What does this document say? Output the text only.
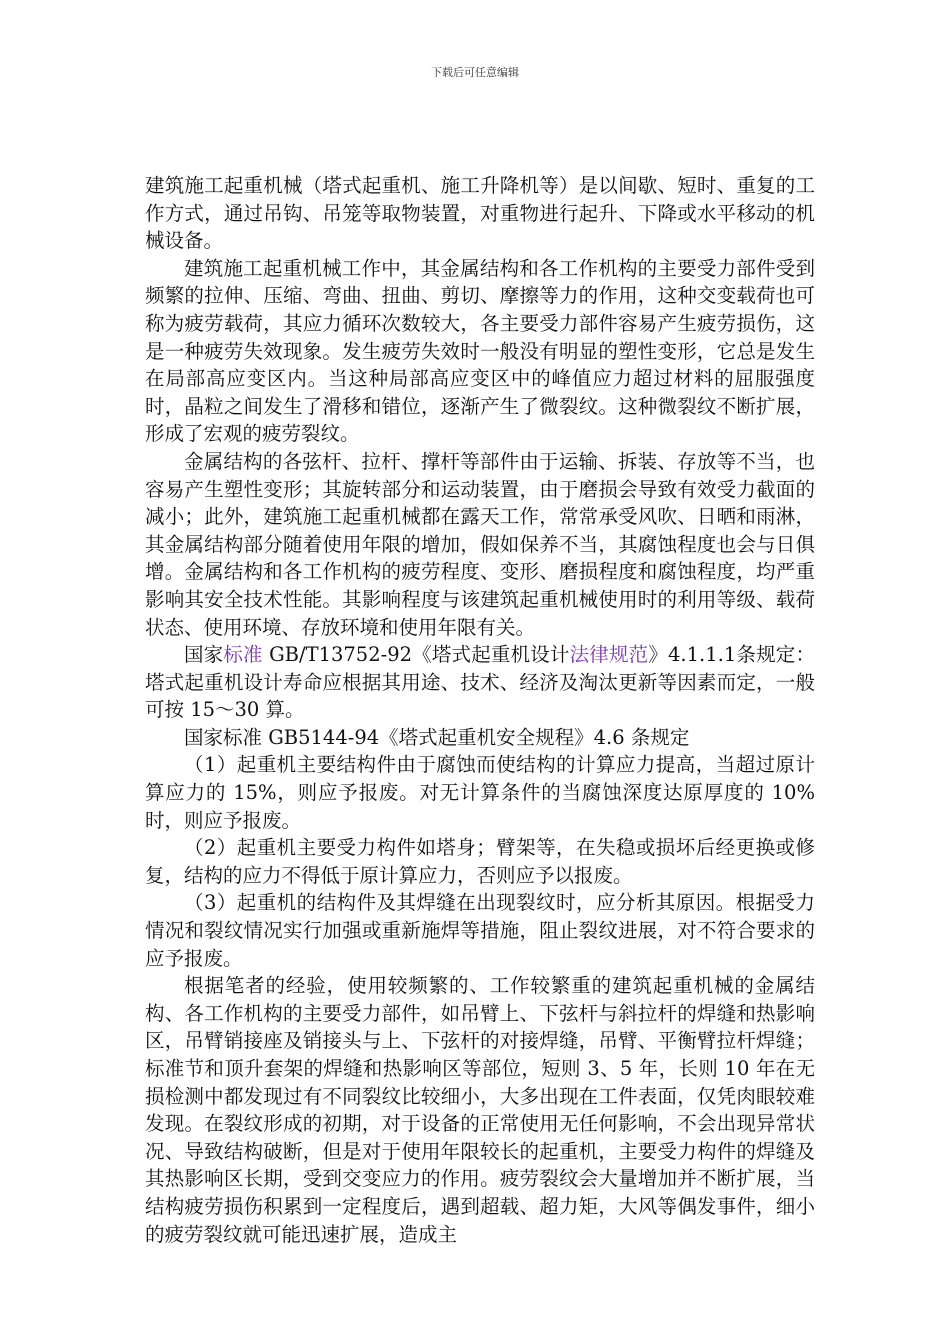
下载后可任意编辑

建筑施工起重机械（塔式起重机、施工升降机等）是以间歇、短时、重复的工作方式，通过吊钩、吊笼等取物装置，对重物进行起升、下降或水平移动的机械设备。

建筑施工起重机械工作中，其金属结构和各工作机构的主要受力部件受到频繁的拉伸、压缩、弯曲、扭曲、剪切、摩擦等力的作用，这种交变载荷也可称为疲劳载荷，其应力循环次数较大，各主要受力部件容易产生疲劳损伤，这是一种疲劳失效现象。发生疲劳失效时一般没有明显的塑性变形，它总是发生在局部高应变区内。当这种局部高应变区中的峰值应力超过材料的屈服强度时，晶粒之间发生了滑移和错位，逐渐产生了微裂纹。这种微裂纹不断扩展，形成了宏观的疲劳裂纹。

金属结构的各弦杆、拉杆、撑杆等部件由于运输、拆装、存放等不当，也容易产生塑性变形；其旋转部分和运动装置，由于磨损会导致有效受力截面的减小；此外，建筑施工起重机械都在露天工作，常常承受风吹、日晒和雨淋，其金属结构部分随着使用年限的增加，假如保养不当，其腐蚀程度也会与日俱增。金属结构和各工作机构的疲劳程度、变形、磨损程度和腐蚀程度，均严重影响其安全技术性能。其影响程度与该建筑起重机械使用时的利用等级、载荷状态、使用环境、存放环境和使用年限有关。

国家标准 GB/T13752-92《塔式起重机设计法律规范》4.1.1.1条规定：塔式起重机设计寿命应根据其用途、技术、经济及淘汰更新等因素而定，一般可按 15～30 算。

国家标准 GB5144-94《塔式起重机安全规程》4.6 条规定

（1）起重机主要结构件由于腐蚀而使结构的计算应力提高，当超过原计算应力的 15%，则应予报废。对无计算条件的当腐蚀深度达原厚度的 10%时，则应予报废。

（2）起重机主要受力构件如塔身；臂架等，在失稳或损坏后经更换或修复，结构的应力不得低于原计算应力，否则应予以报废。

（3）起重机的结构件及其焊缝在出现裂纹时，应分析其原因。根据受力情况和裂纹情况实行加强或重新施焊等措施，阻止裂纹进展，对不符合要求的应予报废。

根据笔者的经验，使用较频繁的、工作较繁重的建筑起重机械的金属结构、各工作机构的主要受力部件，如吊臂上、下弦杆与斜拉杆的焊缝和热影响区，吊臂销接座及销接头与上、下弦杆的对接焊缝，吊臂、平衡臂拉杆焊缝；标准节和顶升套架的焊缝和热影响区等部位，短则 3、5 年，长则 10 年在无损检测中都发现过有不同裂纹比较细小，大多出现在工件表面，仅凭肉眼较难发现。在裂纹形成的初期，对于设备的正常使用无任何影响，不会出现异常状况、导致结构破断，但是对于使用年限较长的起重机，主要受力构件的焊缝及其热影响区长期，受到交变应力的作用。疲劳裂纹会大量增加并不断扩展，当结构疲劳损伤积累到一定程度后，遇到超载、超力矩，大风等偶发事件，细小的疲劳裂纹就可能迅速扩展，造成主
